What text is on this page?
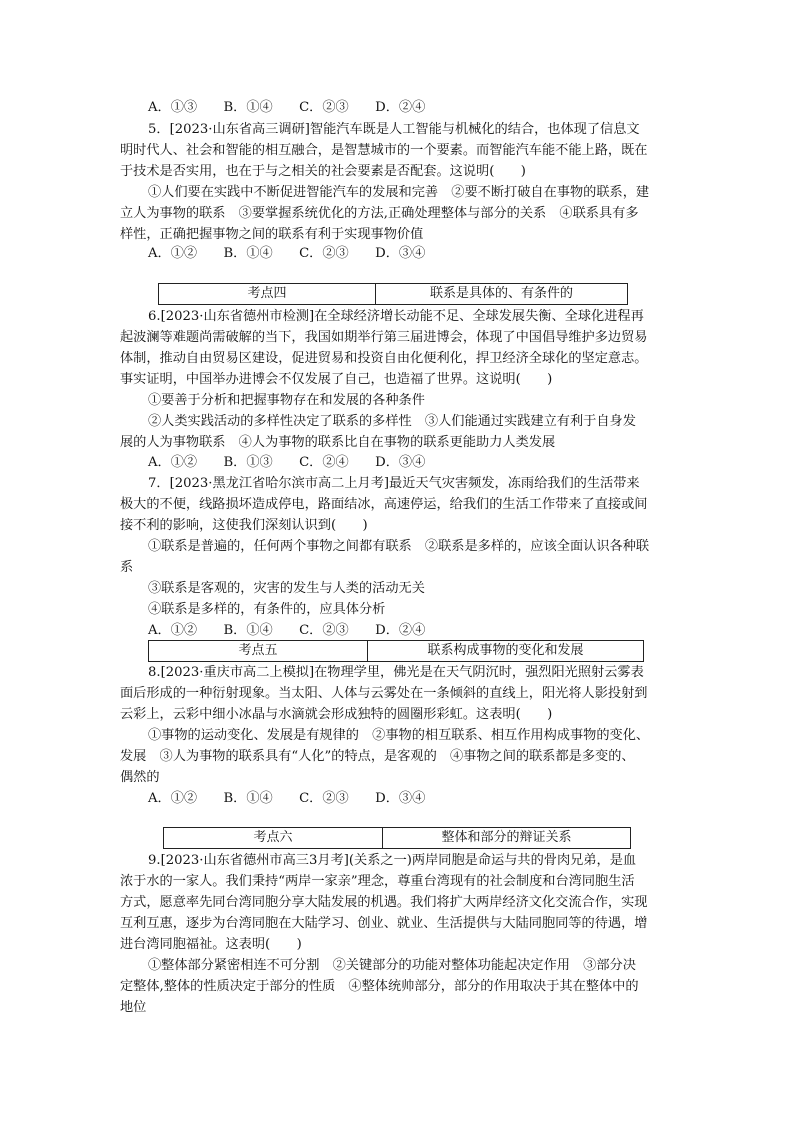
A．①③　　B．①④　　C．②③　　D．②④
5．[2023·山东省高三调研]智能汽车既是人工智能与机械化的结合，也体现了信息文
明时代人、社会和智能的相互融合，是智慧城市的一个要素。而智能汽车能不能上路，既在
于技术是否实用，也在于与之相关的社会要素是否配套。这说明(　　)
①人们要在实践中不断促进智能汽车的发展和完善　②要不断打破自在事物的联系，建
立人为事物的联系　③要掌握系统优化的方法,正确处理整体与部分的关系　④联系具有多
样性，正确把握事物之间的联系有利于实现事物价值
A．①②　　B．①④　　C．②③　　D．③④
考点四	联系是具体的、有条件的
6.[2023·山东省德州市检测]在全球经济增长动能不足、全球发展失衡、全球化进程再
起波澜等难题尚需破解的当下，我国如期举行第三届进博会，体现了中国倡导维护多边贸易
体制，推动自由贸易区建设，促进贸易和投资自由化便利化，捍卫经济全球化的坚定意志。
事实证明，中国举办进博会不仅发展了自己，也造福了世界。这说明(　　)
①要善于分析和把握事物存在和发展的各种条件
②人类实践活动的多样性决定了联系的多样性　③人们能通过实践建立有利于自身发
展的人为事物联系　④人为事物的联系比自在事物的联系更能助力人类发展
A．①②　　B．①③　　C．②④　　D．③④
7．[2023·黑龙江省哈尔滨市高二上月考]最近天气灾害频发，冻雨给我们的生活带来
极大的不便，线路损坏造成停电，路面结冰，高速停运，给我们的生活工作带来了直接或间
接不利的影响，这使我们深刻认识到(　　)
①联系是普遍的，任何两个事物之间都有联系　②联系是多样的，应该全面认识各种联
系
③联系是客观的，灾害的发生与人类的活动无关
④联系是多样的，有条件的，应具体分析
A．①②　　B．①④　　C．②③　　D．②④
考点五	联系构成事物的变化和发展
8.[2023·重庆市高二上模拟]在物理学里，佛光是在天气阴沉时，强烈阳光照射云雾表
面后形成的一种衍射现象。当太阳、人体与云雾处在一条倾斜的直线上，阳光将人影投射到
云彩上，云彩中细小冰晶与水滴就会形成独特的圆圈形彩虹。这表明(　　)
①事物的运动变化、发展是有规律的　②事物的相互联系、相互作用构成事物的变化、
发展　③人为事物的联系具有“人化”的特点，是客观的　④事物之间的联系都是多变的、
偶然的
A．①②　　B．①④　　C．②③　　D．③④
考点六	整体和部分的辩证关系
9.[2023·山东省德州市高三3月考](关系之一)两岸同胞是命运与共的骨肉兄弟，是血
浓于水的一家人。我们秉持“两岸一家亲”理念，尊重台湾现有的社会制度和台湾同胞生活
方式，愿意率先同台湾同胞分享大陆发展的机遇。我们将扩大两岸经济文化交流合作，实现
互利互惠，逐步为台湾同胞在大陆学习、创业、就业、生活提供与大陆同胞同等的待遇，增
进台湾同胞福祉。这表明(　　)
①整体部分紧密相连不可分割　②关键部分的功能对整体功能起决定作用　③部分决
定整体,整体的性质决定于部分的性质　④整体统帅部分，部分的作用取决于其在整体中的
地位
